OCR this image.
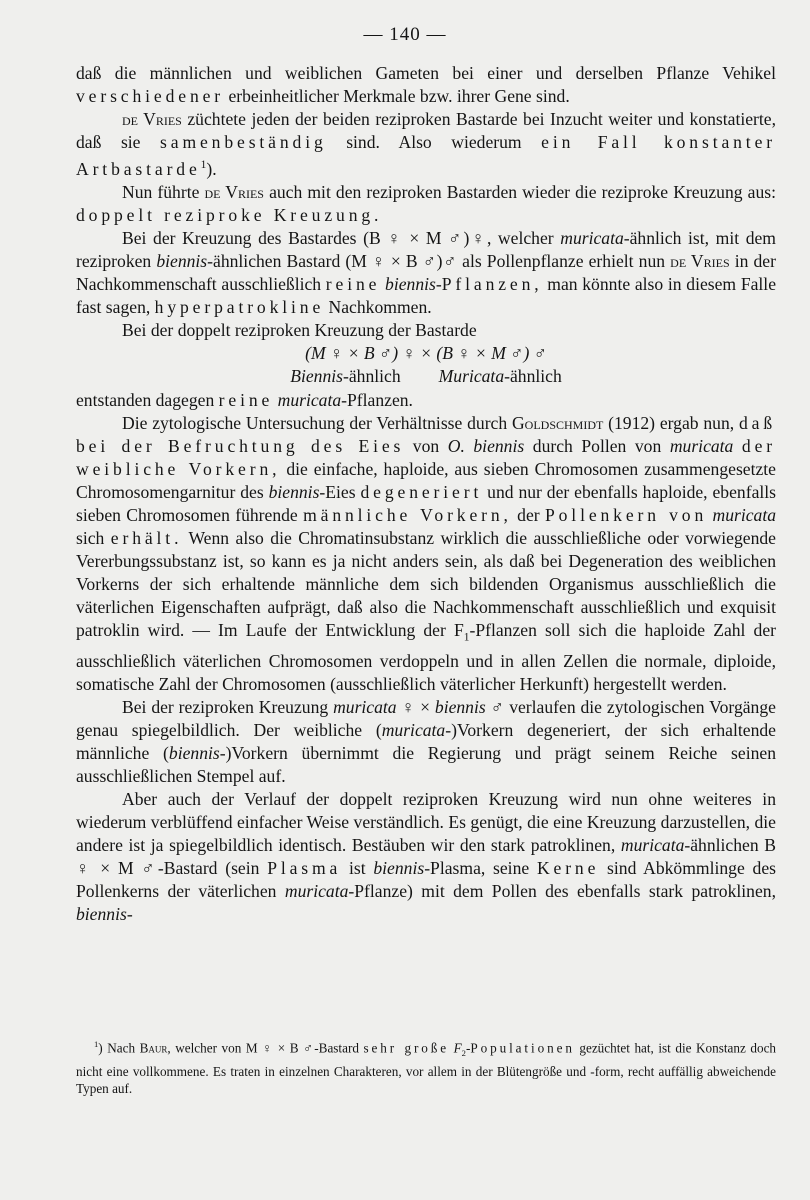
— 140 —

daß die männlichen und weiblichen Gameten bei einer und derselben Pflanze Vehikel verschiedener erbeinheitlicher Merkmale bzw. ihrer Gene sind.

de Vries züchtete jeden der beiden reziproken Bastarde bei Inzucht weiter und konstatierte, daß sie samenbeständig sind. Also wiederum ein Fall konstanter Artbastarde$^1$).

Nun führte de Vries auch mit den reziproken Bastarden wieder die reziproke Kreuzung aus: doppelt reziproke Kreuzung.

Bei der Kreuzung des Bastardes (B ♀ × M ♂)♀, welcher muricata-ähnlich ist, mit dem reziproken biennis-ähnlichen Bastard (M ♀ × B ♂)♂ als Pollenpflanze erhielt nun de Vries in der Nachkommenschaft ausschließlich reine biennis-Pflanzen, man könnte also in diesem Falle fast sagen, hyperpatrokline Nachkommen.

Bei der doppelt reziproken Kreuzung der Bastarde

(M ♀ × B ♂) ♀ × (B ♀ × M ♂) ♂
Biennis-ähnlich Muricata-ähnlich

entstanden dagegen reine muricata-Pflanzen.

Die zytologische Untersuchung der Verhältnisse durch Goldschmidt (1912) ergab nun, daß bei der Befruchtung des Eies von O. biennis durch Pollen von muricata der weibliche Vorkern, die einfache, haploide, aus sieben Chromosomen zusammengesetzte Chromosomengarnitur des biennis-Eies degeneriert und nur der ebenfalls haploide, ebenfalls sieben Chromosomen führende männliche Vorkern, der Pollenkern von muricata sich erhält. Wenn also die Chromatinsubstanz wirklich die ausschließliche oder vorwiegende Vererbungssubstanz ist, so kann es ja nicht anders sein, als daß bei Degeneration des weiblichen Vorkerns der sich erhaltende männliche dem sich bildenden Organismus ausschließlich die väterlichen Eigenschaften aufprägt, daß also die Nachkommenschaft ausschließlich und exquisit patroklin wird. — Im Laufe der Entwicklung der $F_1$-Pflanzen soll sich die haploide Zahl der ausschließlich väterlichen Chromosomen verdoppeln und in allen Zellen die normale, diploide, somatische Zahl der Chromosomen (ausschließlich väterlicher Herkunft) hergestellt werden.

Bei der reziproken Kreuzung muricata ♀ × biennis ♂ verlaufen die zytologischen Vorgänge genau spiegelbildlich. Der weibliche (muricata-)Vorkern degeneriert, der sich erhaltende männliche (biennis-)Vorkern übernimmt die Regierung und prägt seinem Reiche seinen ausschließlichen Stempel auf.

Aber auch der Verlauf der doppelt reziproken Kreuzung wird nun ohne weiteres in wiederum verblüffend einfacher Weise verständlich. Es genügt, die eine Kreuzung darzustellen, die andere ist ja spiegelbildlich identisch. Bestäuben wir den stark patroklinen, muricata-ähnlichen B ♀ × M ♂-Bastard (sein Plasma ist biennis-Plasma, seine Kerne sind Abkömmlinge des Pollenkerns der väterlichen muricata-Pflanze) mit dem Pollen des ebenfalls stark patroklinen, biennis-

$^1$) Nach Baur, welcher von M ♀ × B ♂-Bastard sehr große $F_2$-Populationen gezüchtet hat, ist die Konstanz doch nicht eine vollkommene. Es traten in einzelnen Charakteren, vor allem in der Blütengröße und -form, recht auffällig abweichende Typen auf.
